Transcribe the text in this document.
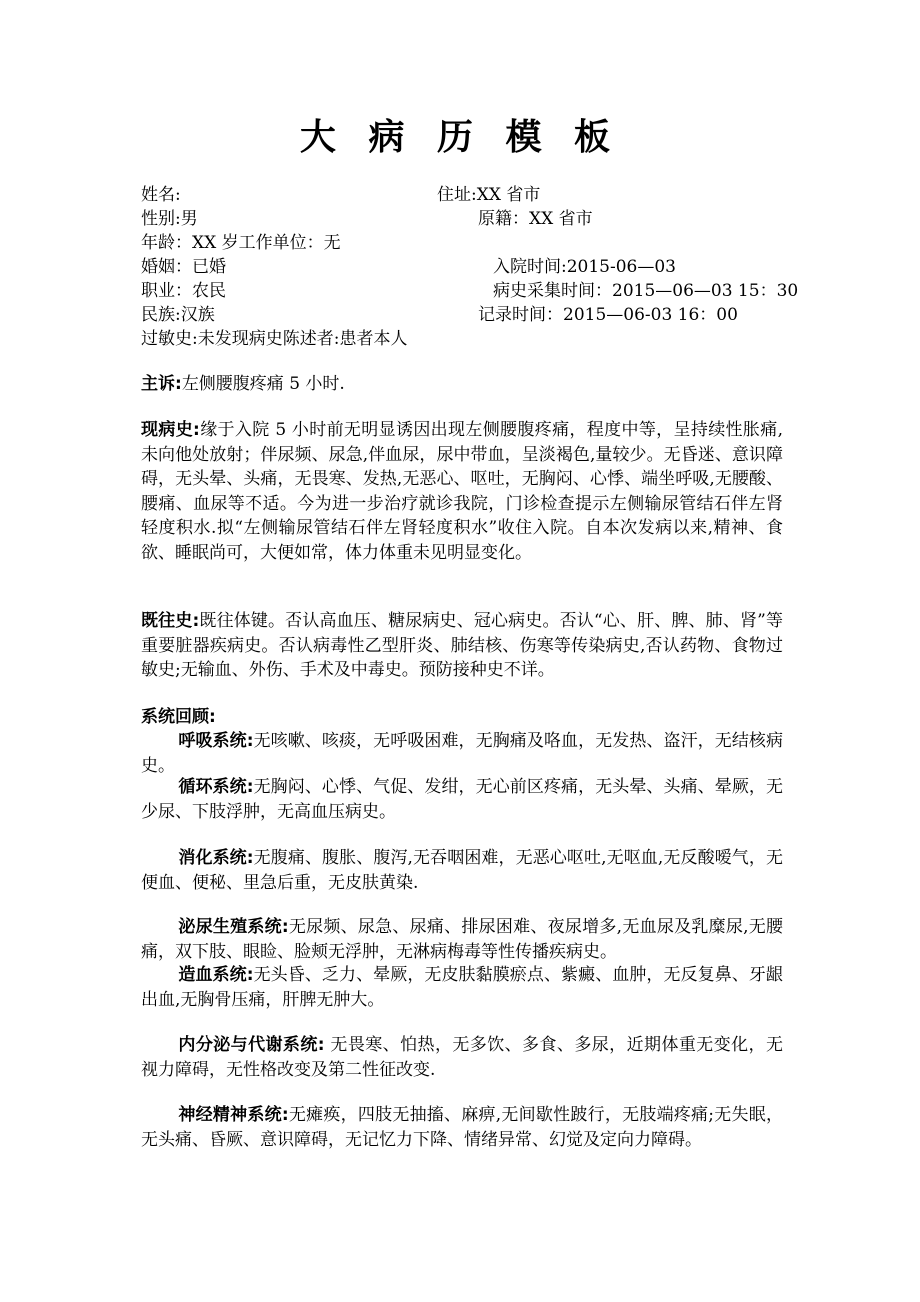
大 病 历 模 板
姓名:	住址:XX 省市
性别:男	原籍：XX 省市
年龄：XX 岁工作单位：无
婚姻：已婚	入院时间:2015-06—03
职业：农民	病史采集时间：2015—06—03 15：30
民族:汉族	记录时间：2015—06-03 16：00
过敏史:未发现病史陈述者:患者本人
主诉:左侧腰腹疼痛 5 小时.
现病史:缘于入院 5 小时前无明显诱因出现左侧腰腹疼痛，程度中等，呈持续性胀痛,未向他处放射；伴尿频、尿急,伴血尿，尿中带血，呈淡褐色,量较少。无昏迷、意识障碍，无头晕、头痛，无畏寒、发热,无恶心、呕吐，无胸闷、心悸、端坐呼吸,无腰酸、腰痛、血尿等不适。今为进一步治疗就诊我院，门诊检查提示左侧输尿管结石伴左肾轻度积水.拟“左侧输尿管结石伴左肾轻度积水”收住入院。自本次发病以来,精神、食欲、睡眠尚可，大便如常，体力体重未见明显变化。
既往史:既往体键。否认高血压、糖尿病史、冠心病史。否认“心、肝、脾、肺、肾”等重要脏器疾病史。否认病毒性乙型肝炎、肺结核、伤寒等传染病史,否认药物、食物过敏史;无输血、外伤、手术及中毒史。预防接种史不详。
系统回顾:
呼吸系统:无咳嗽、咳痰，无呼吸困难，无胸痛及咯血，无发热、盗汗，无结核病史。
循环系统:无胸闷、心悸、气促、发绀，无心前区疼痛，无头晕、头痛、晕厥，无少尿、下肢浮肿，无高血压病史。
消化系统:无腹痛、腹胀、腹泻,无吞咽困难，无恶心呕吐,无呕血,无反酸嗳气，无便血、便秘、里急后重，无皮肤黄染.
泌尿生殖系统:无尿频、尿急、尿痛、排尿困难、夜尿增多,无血尿及乳糜尿,无腰痛，双下肢、眼睑、脸颊无浮肿，无淋病梅毒等性传播疾病史。
造血系统:无头昏、乏力、晕厥，无皮肤黏膜瘀点、紫癜、血肿，无反复鼻、牙龈出血,无胸骨压痛，肝脾无肿大。
内分泌与代谢系统: 无畏寒、怕热，无多饮、多食、多尿，近期体重无变化，无视力障碍，无性格改变及第二性征改变.
神经精神系统:无瘫痪，四肢无抽搐、麻痹,无间歇性跛行，无肢端疼痛;无失眠，无头痛、昏厥、意识障碍，无记忆力下降、情绪异常、幻觉及定向力障碍。
